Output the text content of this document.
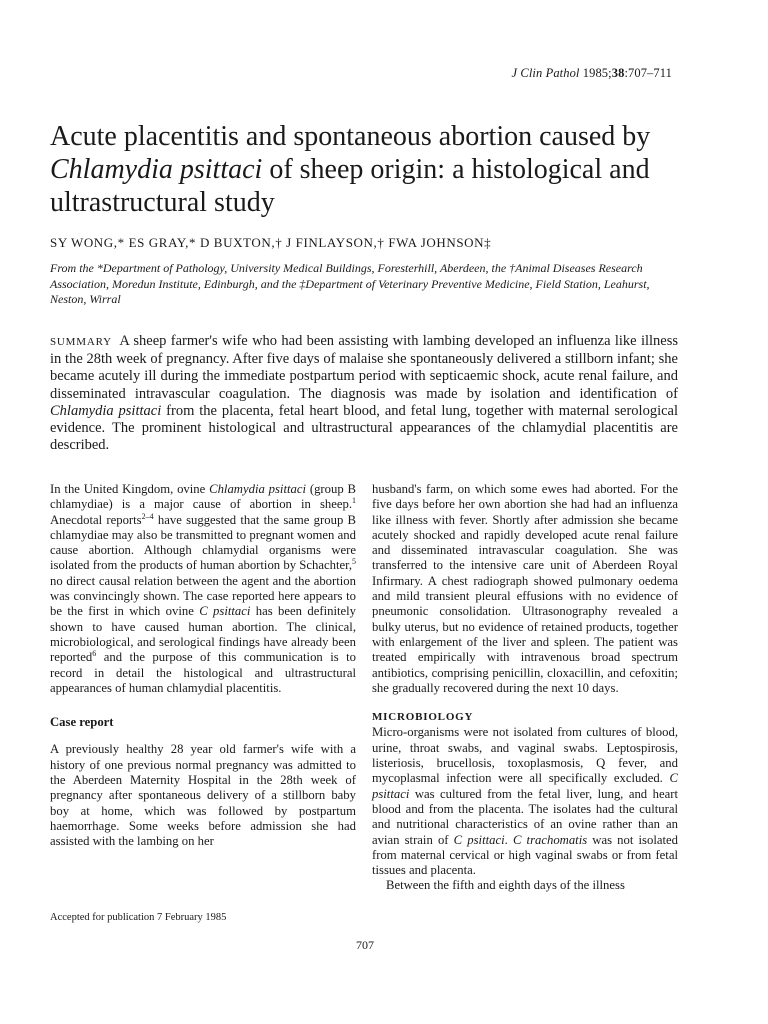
J Clin Pathol 1985;38:707–711
Acute placentitis and spontaneous abortion caused by
Chlamydia psittaci of sheep origin: a histological and ultrastructural study
SY WONG,* ES GRAY,* D BUXTON,† J FINLAYSON,† FWA JOHNSON‡
From the *Department of Pathology, University Medical Buildings, Foresterhill, Aberdeen, the †Animal Diseases Research Association, Moredun Institute, Edinburgh, and the ‡Department of Veterinary Preventive Medicine, Field Station, Leahurst, Neston, Wirral
SUMMARY A sheep farmer's wife who had been assisting with lambing developed an influenza like illness in the 28th week of pregnancy. After five days of malaise she spontaneously delivered a stillborn infant; she became acutely ill during the immediate postpartum period with septicaemic shock, acute renal failure, and disseminated intravascular coagulation. The diagnosis was made by isolation and identification of Chlamydia psittaci from the placenta, fetal heart blood, and fetal lung, together with maternal serological evidence. The prominent histological and ultrastructural appearances of the chlamydial placentitis are described.

In the United Kingdom, ovine Chlamydia psittaci (group B chlamydiae) is a major cause of abortion in sheep.$^1$ Anecdotal reports$^{2-4}$ have suggested that the same group B chlamydiae may also be transmitted to pregnant women and cause abortion. Although chlamydial organisms were isolated from the products of human abortion by Schachter,$^5$ no direct causal relation between the agent and the abortion was convincingly shown. The case reported here appears to be the first in which ovine C psittaci has been definitely shown to have caused human abortion. The clinical, microbiological, and serological findings have already been reported$^6$ and the purpose of this communication is to record in detail the histological and ultrastructural appearances of human chlamydial placentitis.

Case report

A previously healthy 28 year old farmer's wife with a history of one previous normal pregnancy was admitted to the Aberdeen Maternity Hospital in the 28th week of pregnancy after spontaneous delivery of a stillborn baby boy at home, which was followed by postpartum haemorrhage. Some weeks before admission she had assisted with the lambing on her

husband's farm, on which some ewes had aborted. For the five days before her own abortion she had had an influenza like illness with fever. Shortly after admission she became acutely shocked and rapidly developed acute renal failure and disseminated intravascular coagulation. She was transferred to the intensive care unit of Aberdeen Royal Infirmary. A chest radiograph showed pulmonary oedema and mild transient pleural effusions with no evidence of pneumonic consolidation. Ultrasonography revealed a bulky uterus, but no evidence of retained products, together with enlargement of the liver and spleen. The patient was treated empirically with intravenous broad spectrum antibiotics, comprising penicillin, cloxacillin, and cefoxitin; she gradually recovered during the next 10 days.

MICROBIOLOGY

Micro-organisms were not isolated from cultures of blood, urine, throat swabs, and vaginal swabs. Leptospirosis, listeriosis, brucellosis, toxoplasmosis, Q fever, and mycoplasmal infection were all specifically excluded. C psittaci was cultured from the fetal liver, lung, and heart blood and from the placenta. The isolates had the cultural and nutritional characteristics of an ovine rather than an avian strain of C psittaci. C trachomatis was not isolated from maternal cervical or high vaginal swabs or from fetal tissues and placenta.

Between the fifth and eighth days of the illness

Accepted for publication 7 February 1985
707
